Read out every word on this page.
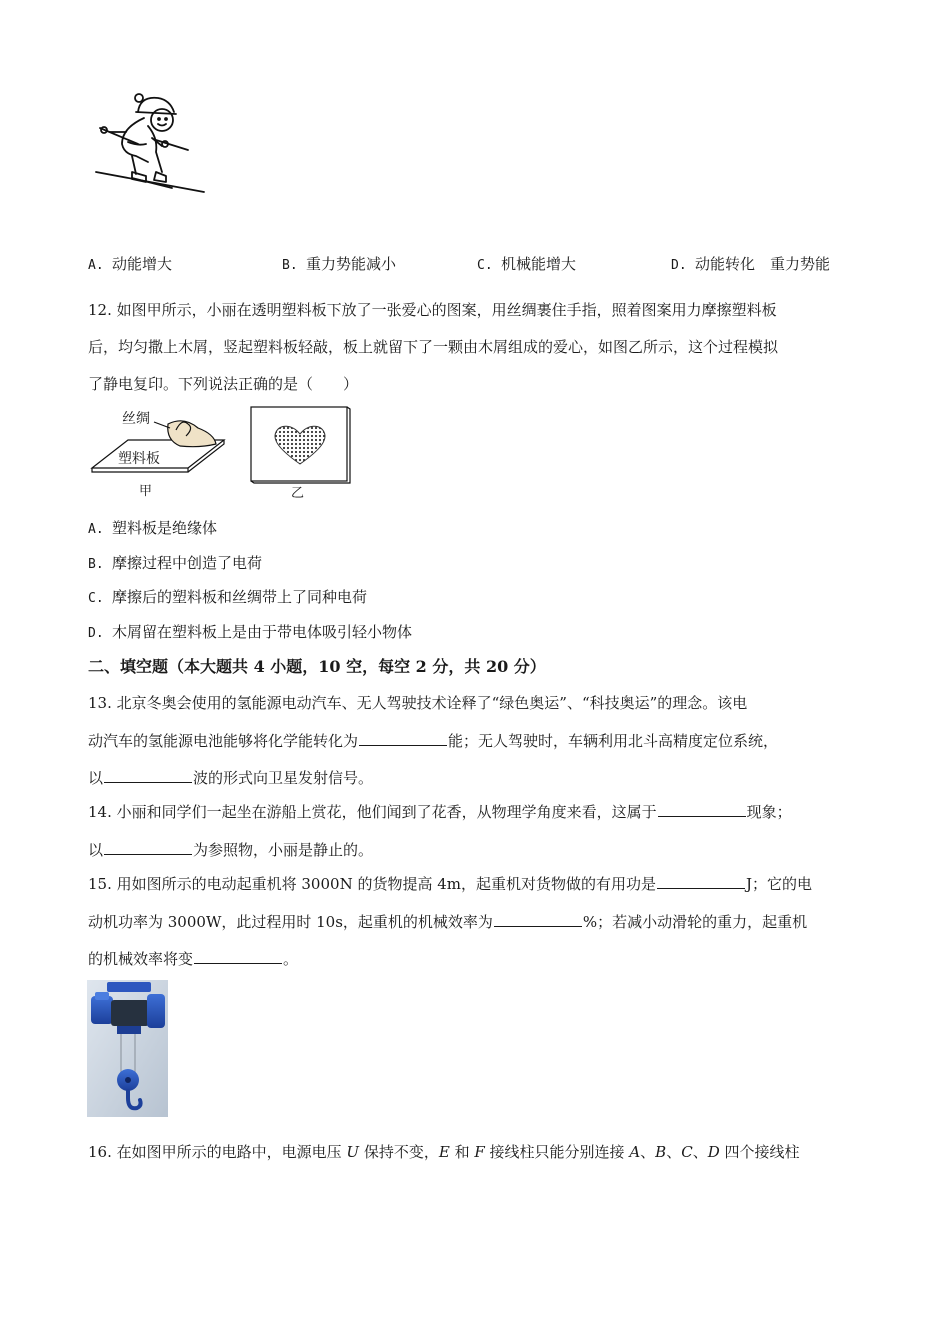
A. 动能增大	B. 重力势能减小	C. 机械能增大	D. 动能转化　重力势能
12. 如图甲所示，小丽在透明塑料板下放了一张爱心的图案，用丝绸裹住手指，照着图案用力摩擦塑料板
后，均匀撒上木屑，竖起塑料板轻敲，板上就留下了一颗由木屑组成的爱心，如图乙所示，这个过程模拟
了静电复印。下列说法正确的是（　　）
丝绸
塑料板
甲	乙
A. 塑料板是绝缘体
B. 摩擦过程中创造了电荷
C. 摩擦后的塑料板和丝绸带上了同种电荷
D. 木屑留在塑料板上是由于带电体吸引轻小物体
二、填空题（本大题共 4 小题，10 空，每空 2 分，共 20 分）
13. 北京冬奥会使用的氢能源电动汽车、无人驾驶技术诠释了“绿色奥运”、“科技奥运”的理念。该电
动汽车的氢能源电池能够将化学能转化为	能；无人驾驶时，车辆利用北斗高精度定位系统，
以	波的形式向卫星发射信号。
14. 小丽和同学们一起坐在游船上赏花，他们闻到了花香，从物理学角度来看，这属于	现象；
以	为参照物，小丽是静止的。
15. 用如图所示的电动起重机将 3000N 的货物提高 4m，起重机对货物做的有用功是	J；它的电
动机功率为 3000W，此过程用时 10s，起重机的机械效率为	%；若减小动滑轮的重力，起重机
的机械效率将变	。
16. 在如图甲所示的电路中，电源电压 U 保持不变，E 和 F 接线柱只能分别连接 A、B、C、D 四个接线柱
